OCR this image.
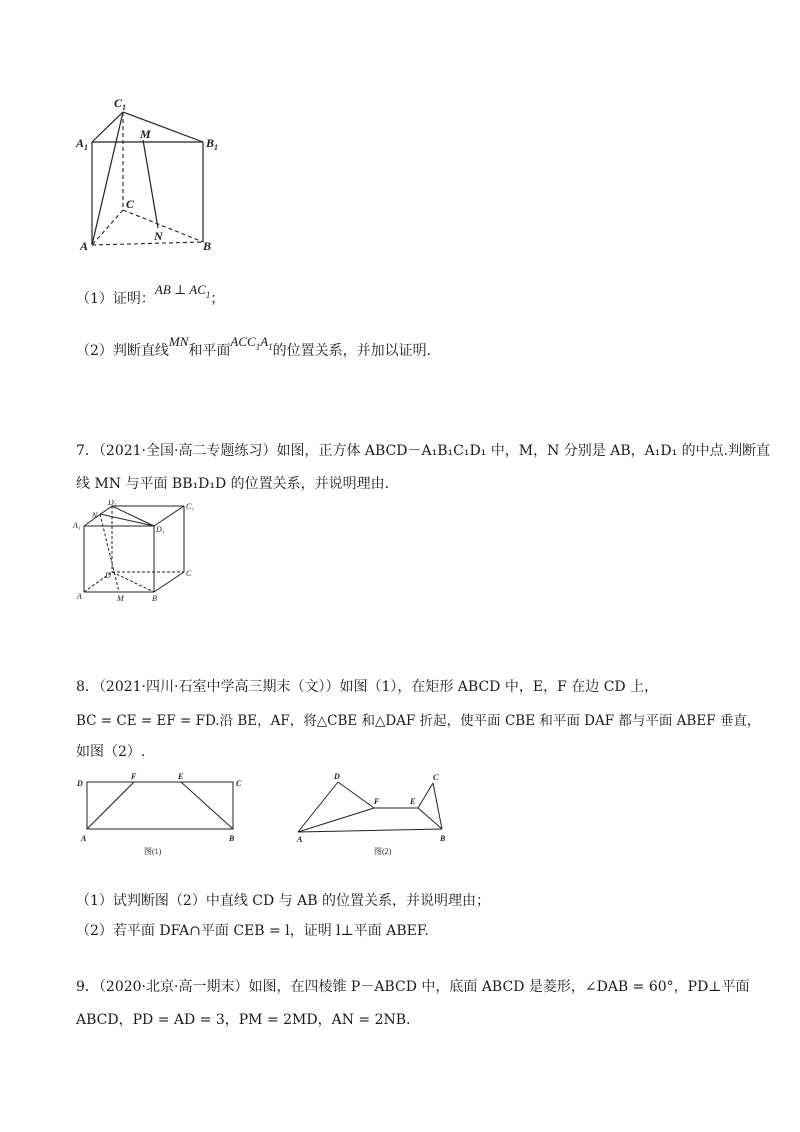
$C_1$
$A_1$	$B_1$
M
C
A
N
B
（1）证明：AB ⊥ $AC_1$；
（2）判断直线MN和平面$ACC_1A_1$的位置关系，并加以证明.
7．（2021·全国·高二专题练习）如图，正方体 ABCD－A₁B₁C₁D₁ 中，M，N 分别是 AB，A₁D₁ 的中点.判断直
线 MN 与平面 BB₁D₁D 的位置关系，并说明理由.
D₁	C₁
A₁
N
D₁
D	C
A	M	B
8．（2021·四川·石室中学高三期末（文））如图（1），在矩形 ABCD 中，E，F 在边 CD 上，
BC = CE = EF = FD.沿 BE，AF，将△CBE 和△DAF 折起，使平面 CBE 和平面 DAF 都与平面 ABEF 垂直，
如图（2）.
D
F	E
C
A	B
图(1)
D	C
F	E
A	B
图(2)
（1）试判断图（2）中直线 CD 与 AB 的位置关系，并说明理由；
（2）若平面 DFA∩平面 CEB = l，证明 l⊥平面 ABEF.
9．（2020·北京·高一期末）如图，在四棱锥 P－ABCD 中，底面 ABCD 是菱形，∠DAB = 60°，PD⊥平面
ABCD，PD = AD = 3，PM = 2MD，AN = 2NB.
